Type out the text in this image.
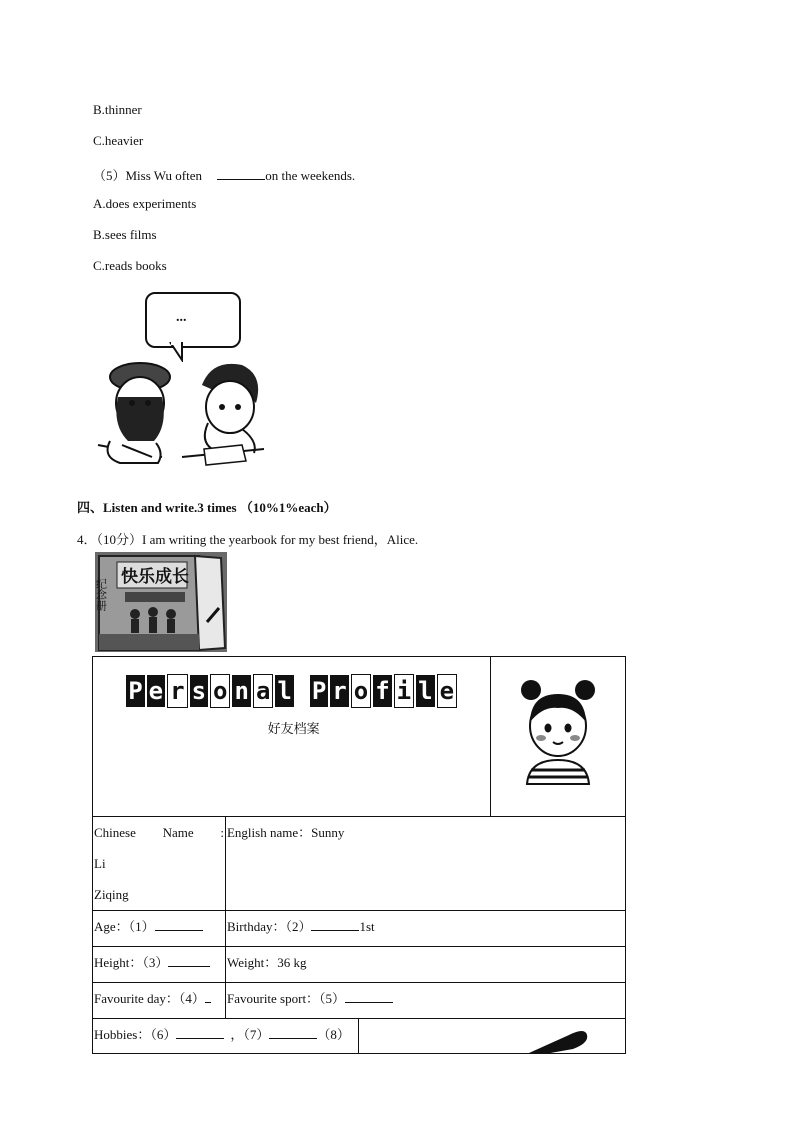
B.thinner
C.heavier
（5）Miss Wu often	on the weekends.
A.does experiments
B.sees films
C.reads books
...
四、Listen and write.3 times （10%1%each）
4．（10分）I am writing the yearbook for my best friend，Alice.
纪念册
快乐成长
P e r s o n a l P r o f i l e
好友档案

Chinese Name : Li
Ziqing	English name：Sunny		
Age：（1）	Birthday：（2） 1st		
Height：（3）	Weight：36 kg		
Favourite day：（4）	Favourite sport：（5）		
Hobbies：（6） ，（7） （8）	
